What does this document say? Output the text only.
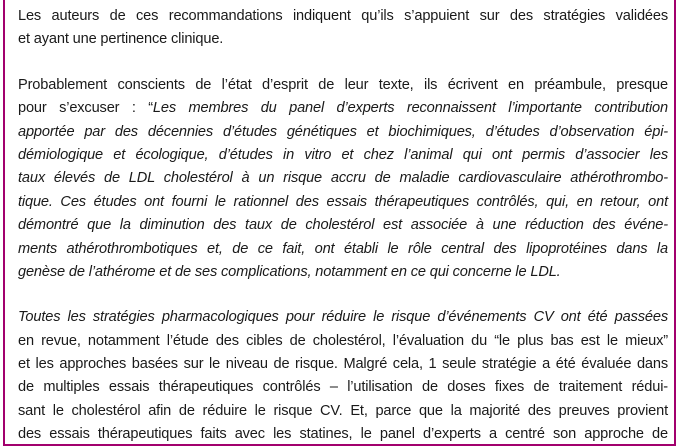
Les auteurs de ces recommandations indiquent qu’ils s’appuient sur des stratégies validées
et ayant une pertinence clinique.
Probablement conscients de l’état d’esprit de leur texte, ils écrivent en préambule, presque
pour s’excuser : “Les membres du panel d’experts reconnaissent l’importante contribution
apportée par des décennies d’études génétiques et biochimiques, d’études d’observation épi-
démiologique et écologique, d’études in vitro et chez l’animal qui ont permis d’associer les
taux élevés de LDL cholestérol à un risque accru de maladie cardiovasculaire athérothrombo-
tique. Ces études ont fourni le rationnel des essais thérapeutiques contrôlés, qui, en retour, ont
démontré que la diminution des taux de cholestérol est associée à une réduction des événe-
ments athérothrombotiques et, de ce fait, ont établi le rôle central des lipoprotéines dans la
genèse de l’athérome et de ses complications, notamment en ce qui concerne le LDL.
Toutes les stratégies pharmacologiques pour réduire le risque d’événements CV ont été passées
en revue, notamment l’étude des cibles de cholestérol, l’évaluation du “le plus bas est le mieux”
et les approches basées sur le niveau de risque. Malgré cela, 1 seule stratégie a été évaluée dans
de multiples essais thérapeutiques contrôlés – l’utilisation de doses fixes de traitement rédui-
sant le cholestérol afin de réduire le risque CV. Et, parce que la majorité des preuves provient
des essais thérapeutiques faits avec les statines, le panel d’experts a centré son approche de
